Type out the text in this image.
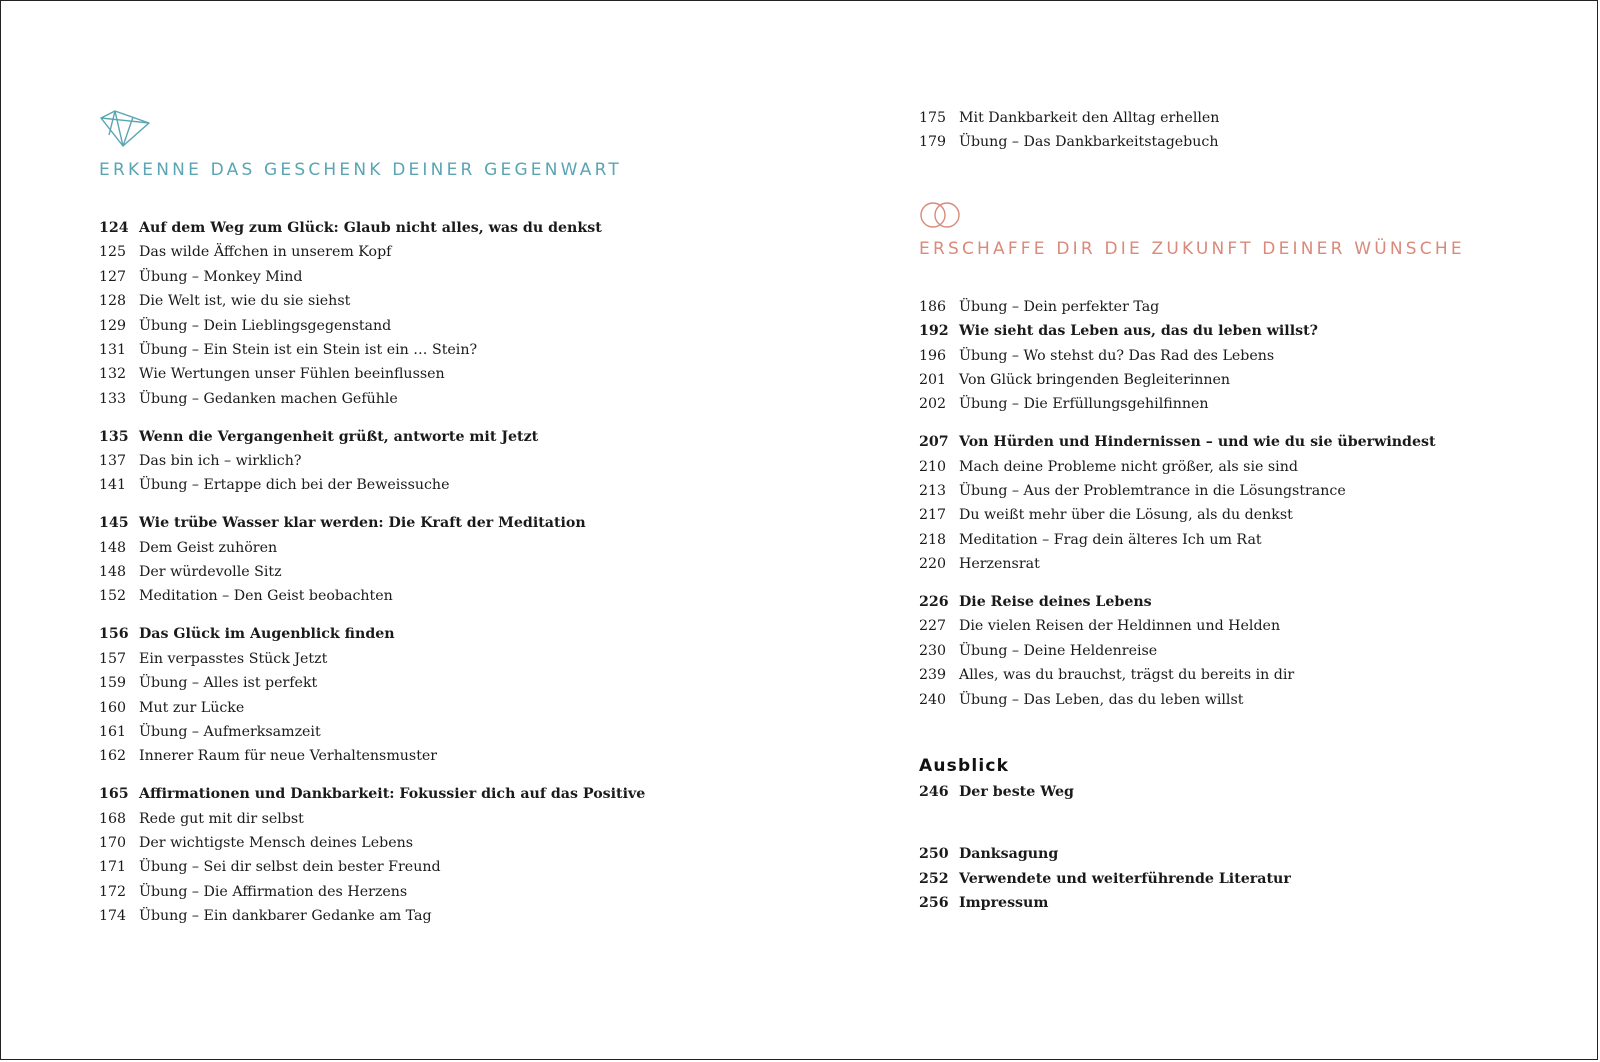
ERKENNE DAS GESCHENK DEINER GEGENWART
124 Auf dem Weg zum Glück: Glaub nicht alles, was du denkst
125 Das wilde Äffchen in unserem Kopf
127 Übung – Monkey Mind
128 Die Welt ist, wie du sie siehst
129 Übung – Dein Lieblingsgegenstand
131 Übung – Ein Stein ist ein Stein ist ein … Stein?
132 Wie Wertungen unser Fühlen beeinflussen
133 Übung – Gedanken machen Gefühle
135 Wenn die Vergangenheit grüßt, antworte mit Jetzt
137 Das bin ich – wirklich?
141 Übung – Ertappe dich bei der Beweissuche
145 Wie trübe Wasser klar werden: Die Kraft der Meditation
148 Dem Geist zuhören
148 Der würdevolle Sitz
152 Meditation – Den Geist beobachten
156 Das Glück im Augenblick finden
157 Ein verpasstes Stück Jetzt
159 Übung – Alles ist perfekt
160 Mut zur Lücke
161 Übung – Aufmerksamzeit
162 Innerer Raum für neue Verhaltensmuster
165 Affirmationen und Dankbarkeit: Fokussier dich auf das Positive
168 Rede gut mit dir selbst
170 Der wichtigste Mensch deines Lebens
171 Übung – Sei dir selbst dein bester Freund
172 Übung – Die Affirmation des Herzens
174 Übung – Ein dankbarer Gedanke am Tag
175 Mit Dankbarkeit den Alltag erhellen
179 Übung – Das Dankbarkeitstagebuch
ERSCHAFFE DIR DIE ZUKUNFT DEINER WÜNSCHE
186 Übung – Dein perfekter Tag
192 Wie sieht das Leben aus, das du leben willst?
196 Übung – Wo stehst du? Das Rad des Lebens
201 Von Glück bringenden Begleiterinnen
202 Übung – Die Erfüllungsgehilfinnen
207 Von Hürden und Hindernissen – und wie du sie überwindest
210 Mach deine Probleme nicht größer, als sie sind
213 Übung – Aus der Problemtrance in die Lösungstrance
217 Du weißt mehr über die Lösung, als du denkst
218 Meditation – Frag dein älteres Ich um Rat
220 Herzensrat
226 Die Reise deines Lebens
227 Die vielen Reisen der Heldinnen und Helden
230 Übung – Deine Heldenreise
239 Alles, was du brauchst, trägst du bereits in dir
240 Übung – Das Leben, das du leben willst
Ausblick
246 Der beste Weg
250 Danksagung
252 Verwendete und weiterführende Literatur
256 Impressum
